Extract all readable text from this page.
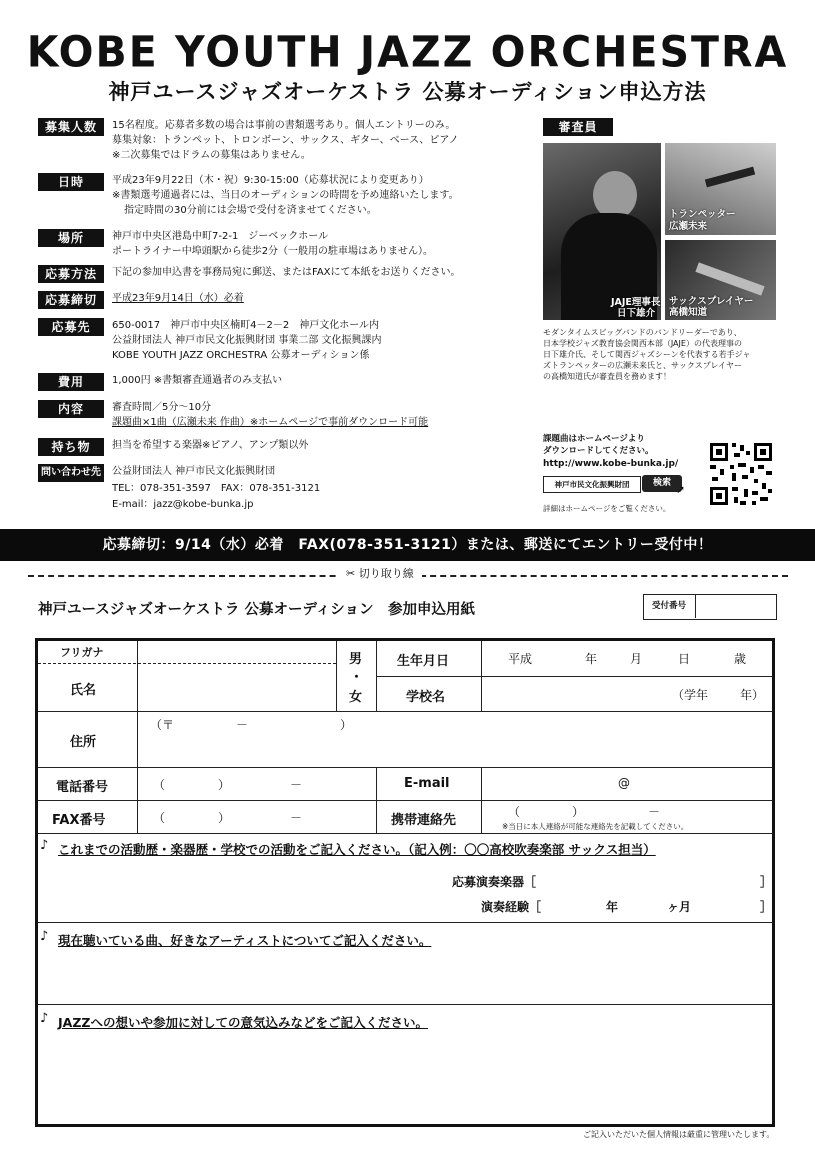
KOBE YOUTH JAZZ ORCHESTRA
神戸ユースジャズオーケストラ 公募オーディション申込方法
募集人数	15名程度。応募者多数の場合は事前の書類選考あり。個人エントリーのみ。
募集対象：トランペット、トロンボーン、サックス、ギター、ベース、ピアノ
※二次募集ではドラムの募集はありません。
日時	平成23年9月22日（木・祝）9:30-15:00（応募状況により変更あり）
※書類選考通過者には、当日のオーディションの時間を予め連絡いたします。
指定時間の30分前には会場で受付を済ませてください。
場所	神戸市中央区港島中町7-2-1　ジーベックホール
ポートライナー中埠頭駅から徒歩2分（一般用の駐車場はありません）。
応募方法	下記の参加申込書を事務局宛に郵送、またはFAXにて本紙をお送りください。
応募締切	平成23年9月14日（水）必着
応募先	650-0017　神戸市中央区楠町4－2－2　神戸文化ホール内
公益財団法人 神戸市民文化振興財団 事業二部 文化振興課内
KOBE YOUTH JAZZ ORCHESTRA 公募オーディション係
費用	1,000円 ※書類審査通過者のみ支払い
内容	審査時間／5分～10分
課題曲×1曲（広瀬未来 作曲）※ホームページで事前ダウンロード可能
持ち物	担当を希望する楽器※ピアノ、アンプ類以外
問い合わせ先	公益財団法人 神戸市民文化振興財団
TEL：078-351-3597　FAX：078-351-3121
E-mail：jazz@kobe-bunka.jp
審査員
JAJE理事長
日下雄介
トランペッター
広瀬未来
サックスプレイヤー
高橋知道
モダンタイムスビッグバンドのバンドリーダーであり、
日本学校ジャズ教育協会関西本部（JAJE）の代表理事の
日下雄介氏、そして関西ジャズシーンを代表する若手ジャ
ズトランペッターの広瀬未来氏と、サックスプレイヤー
の高橋知道氏が審査員を務めます！
課題曲はホームページより
ダウンロードしてください。
http://www.kobe-bunka.jp/
神戸市民文化振興財団	検索 ➚
詳細はホームページをご覧ください。
応募締切：9/14（水）必着　FAX(078-351-3121）または、郵送にてエントリー受付中！
✂ 切り取り線
神戸ユースジャズオーケストラ 公募オーディション　参加申込用紙	受付番号
フリガナ
氏名
男
・
女
生年月日	平成	年	月	日	歳
学校名	（学年	年）
住所
（〒	－	）
電話番号	（	）	－	E-mail	@
FAX番号	（	）	－	携帯連絡先
（	）	－
※当日に本人連絡が可能な連絡先を記載してください。
♪ これまでの活動歴・楽器歴・学校での活動をご記入ください。（記入例：〇〇高校吹奏楽部 サックス担当）
応募演奏楽器［	］
演奏経験［	年	ヶ月	］
♪ 現在聴いている曲、好きなアーティストについてご記入ください。
♪ JAZZへの想いや参加に対しての意気込みなどをご記入ください。
ご記入いただいた個人情報は厳重に管理いたします。
